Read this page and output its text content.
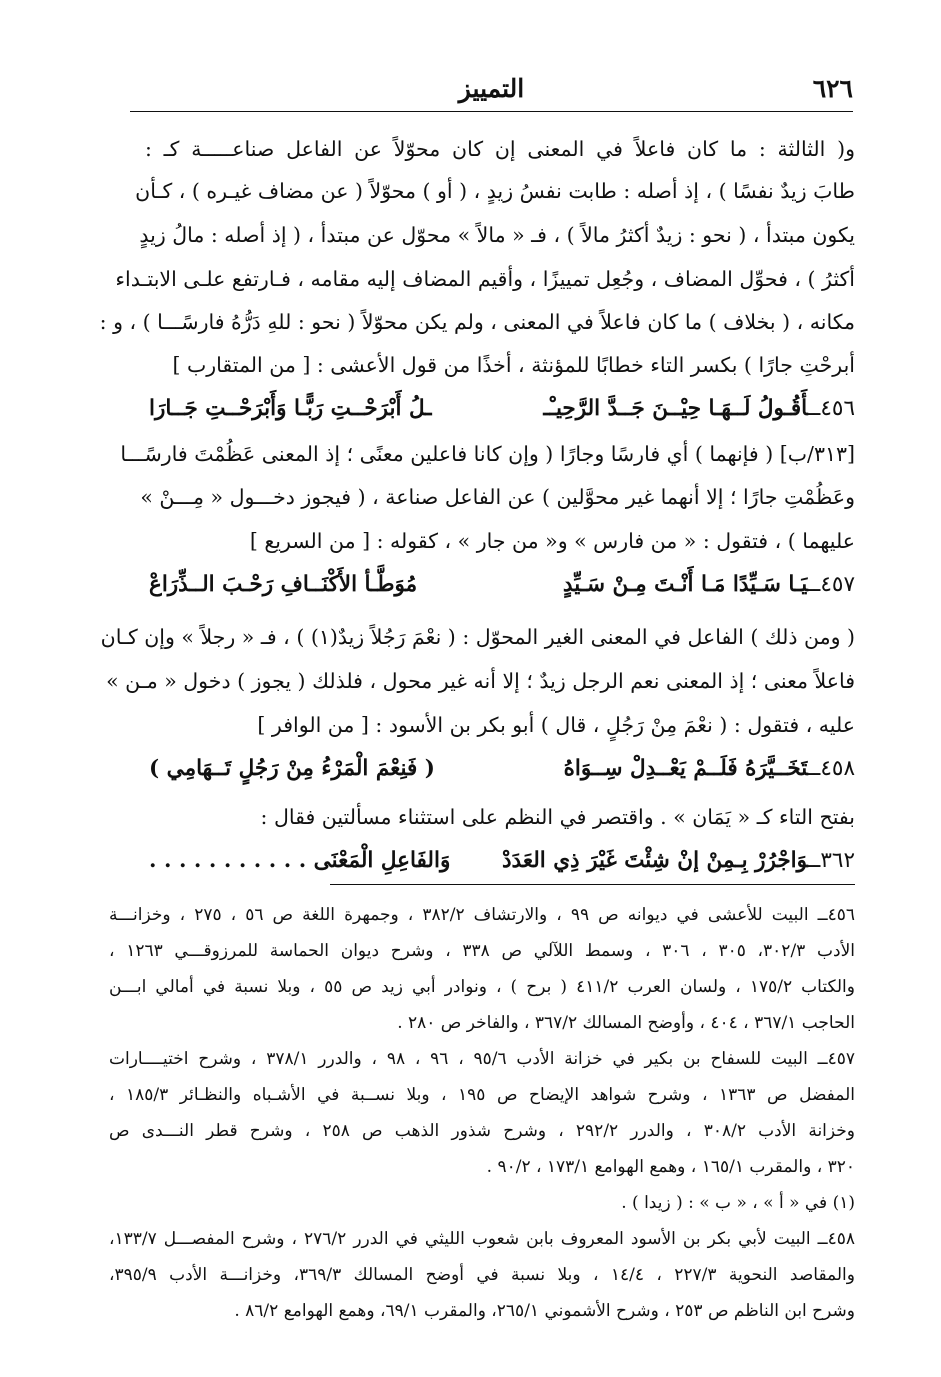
٦٢٦
التمييز
و( الثالثة : ما كان فاعلاً في المعنى إن كان محوّلاً عن الفاعل صناعـــــة كـ :
طابَ زيدٌ نفسًا ) ، إذ أصله : طابت نفسُ زيدٍ ، ( أو ) محوّلاً ( عن مضاف غيـره ) ، كـأن
يكون مبتدأ ، ( نحو : زيدٌ أكثرُ مالاً ) ، فـ « مالاً » محوّل عن مبتدأ ، ( إذ أصله : مالُ زيدٍ
أكثرُ ) ، فحوِّل المضاف ، وجُعِل تمييزًا ، وأقيم المضاف إليه مقامه ، فـارتفع علـى الابتـداء
مكانه ، ( بخلاف ) ما كان فاعلاً في المعنى ، ولم يكن محوّلاً ( نحو : للهِ دَرُّهُ فارسًـــا ) ، و :
أبرحْتِ جارًا ) بكسر التاء خطابًا للمؤنثة ، أخذًا من قول الأعشى : [ من المتقارب ]
٤٥٦ــأَقُـولُ لَــهَـا حِيْــنَ جَــدَّ الرَّحِيـْـ
ـلُ أَبْرَحْــتِ رَبًّـا وَأَبْرَحْــتِ جَــارَا
[٣١٣/ب] ( فإنهما ) أي فارسًا وجارًا ( وإن كانا فاعلين معنًى ؛ إذ المعنى عَظُمْتَ فارسًـــا
وعَظُمْتِ جارًا ؛ إلا أنهما غير محوَّلين ) عن الفاعل صناعة ، ( فيجوز دخـــول « مِـــنْ »
عليهما ) ، فتقول : « من فارس » و« من جار » ، كقوله : [ من السريع ]
٤٥٧ــيَـا سَـيِّدًا مَـا أَنْـتَ مِـنْ سَـيِّدٍ
مُوَطَّـأ الأَكْنَــافِ رَحْـبَ الــذِّرَاعْ
( ومن ذلك ) الفاعل في المعنى الغير المحوّل : ( نعْمَ رَجُلاً زيدٌ(١) ) ، فـ « رجلاً » وإن كـان
فاعلاً معنى ؛ إذ المعنى نعم الرجل زيدٌ ؛ إلا أنه غير محول ، فلذلك ( يجوز ) دخول « مـن »
عليه ، فتقول : ( نعْمَ مِنْ رَجُلٍ ، قال ) أبو بكر بن الأسود : [ من الوافر ]
٤٥٨ــتَخَــيَّرَهُ فَلَــمْ يَعْــدِلْ سِــوَاهُ
( فَنِعْمَ الْمَرْءُ مِنْ رَجُلٍ تَــهَامِي )
بفتح التاء كـ « يَمَان » . واقتصر في النظم على استثناء مسألتين فقال :
٣٦٢ــوَاجْرُرْ بِـمِنْ إنْ شِئْتَ غَيْرَ ذِي العَدَدْ
وَالفَاعِلِ الْمَعْنَى . . . . . . . . . . .
٤٥٦ــ البيت للأعشى في ديوانه ص ٩٩ ، والارتشاف ٣٨٢/٢ ، وجمهرة اللغة ص ٥٦ ، ٢٧٥ ، وخزانـــة
الأدب ٣٠٢/٣، ٣٠٥ ، ٣٠٦ ، وسمط اللآلي ص ٣٣٨ ، وشرح ديوان الحماسة للمرزوقـــي ١٢٦٣ ،
والكتاب ١٧٥/٢ ، ولسان العرب ٤١١/٢ ( برح ) ، ونوادر أبي زيد ص ٥٥ ، وبلا نسبة في أمالي ابـــن
الحاجب ٣٦٧/١ ، ٤٠٤ ، وأوضح المسالك ٣٦٧/٢ ، والفاخر ص ٢٨٠ .
٤٥٧ــ البيت للسفاح بن بكير في خزانة الأدب ٩٥/٦ ، ٩٦ ، ٩٨ ، والدرر ٣٧٨/١ ، وشرح اختيــــارات
المفضل ص ١٣٦٣ ، وشرح شواهد الإيضاح ص ١٩٥ ، وبلا نســبة في الأشـباه والنظـائر ١٨٥/٣ ،
وخزانة الأدب ٣٠٨/٢ ، والدرر ٢٩٢/٢ ، وشرح شذور الذهب ص ٢٥٨ ، وشرح قطر النـــدى ص
٣٢٠ ، والمقرب ١٦٥/١ ، وهمع الهوامع ١٧٣/١ ، ٩٠/٢ .
(١) في « أ » ، « ب » : ( زيدا ) .
٤٥٨ــ البيت لأبي بكر بن الأسود المعروف بابن شعوب الليثي في الدرر ٢٧٦/٢ ، وشرح المفصـــل ١٣٣/٧،
والمقاصد النحوية ٢٢٧/٣ ، ١٤/٤ ، وبلا نسبة في أوضح المسالك ٣٦٩/٣، وخزانـــة الأدب ٣٩٥/٩،
وشرح ابن الناظم ص ٢٥٣ ، وشرح الأشموني ٢٦٥/١، والمقرب ٦٩/١، وهمع الهوامع ٨٦/٢ .
